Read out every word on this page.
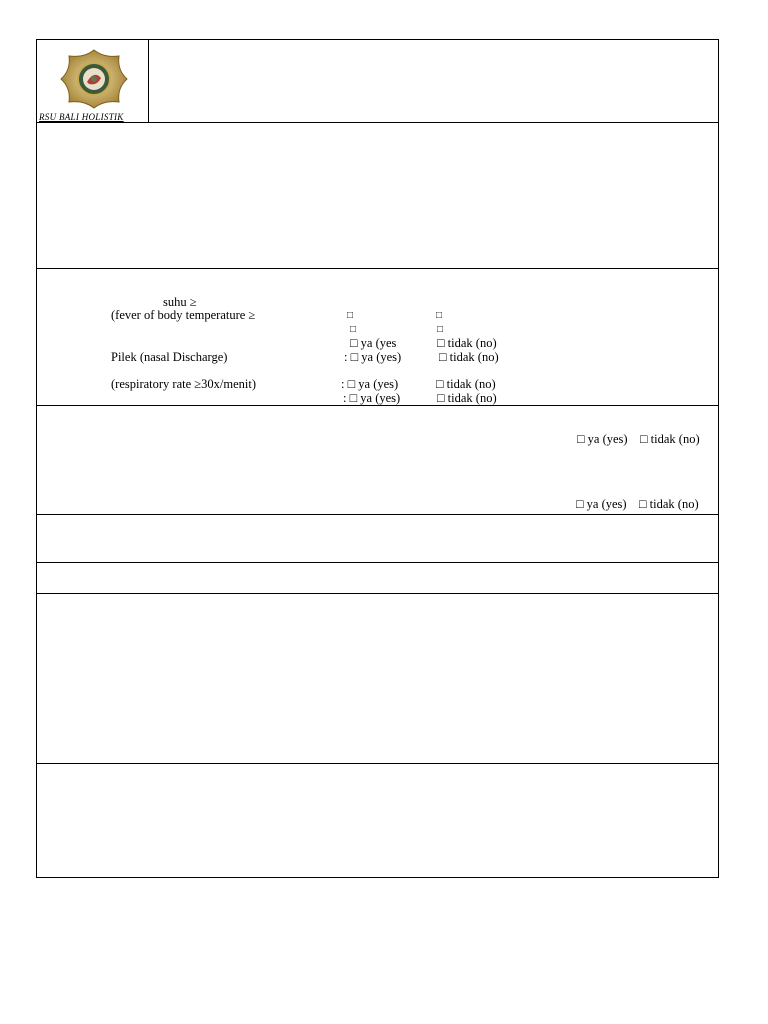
RSU BALI HOLISTIK
suhu ≥
(fever of body temperature ≥	□	□
□	□
□ ya (yes	□ tidak (no)
Pilek (nasal Discharge)	: □ ya (yes)	□ tidak (no)
(respiratory rate ≥30x/menit)	: □ ya (yes)	□ tidak (no)
: □ ya (yes)	□ tidak (no)
□ ya (yes) □ tidak (no)
□ ya (yes) □ tidak (no)
